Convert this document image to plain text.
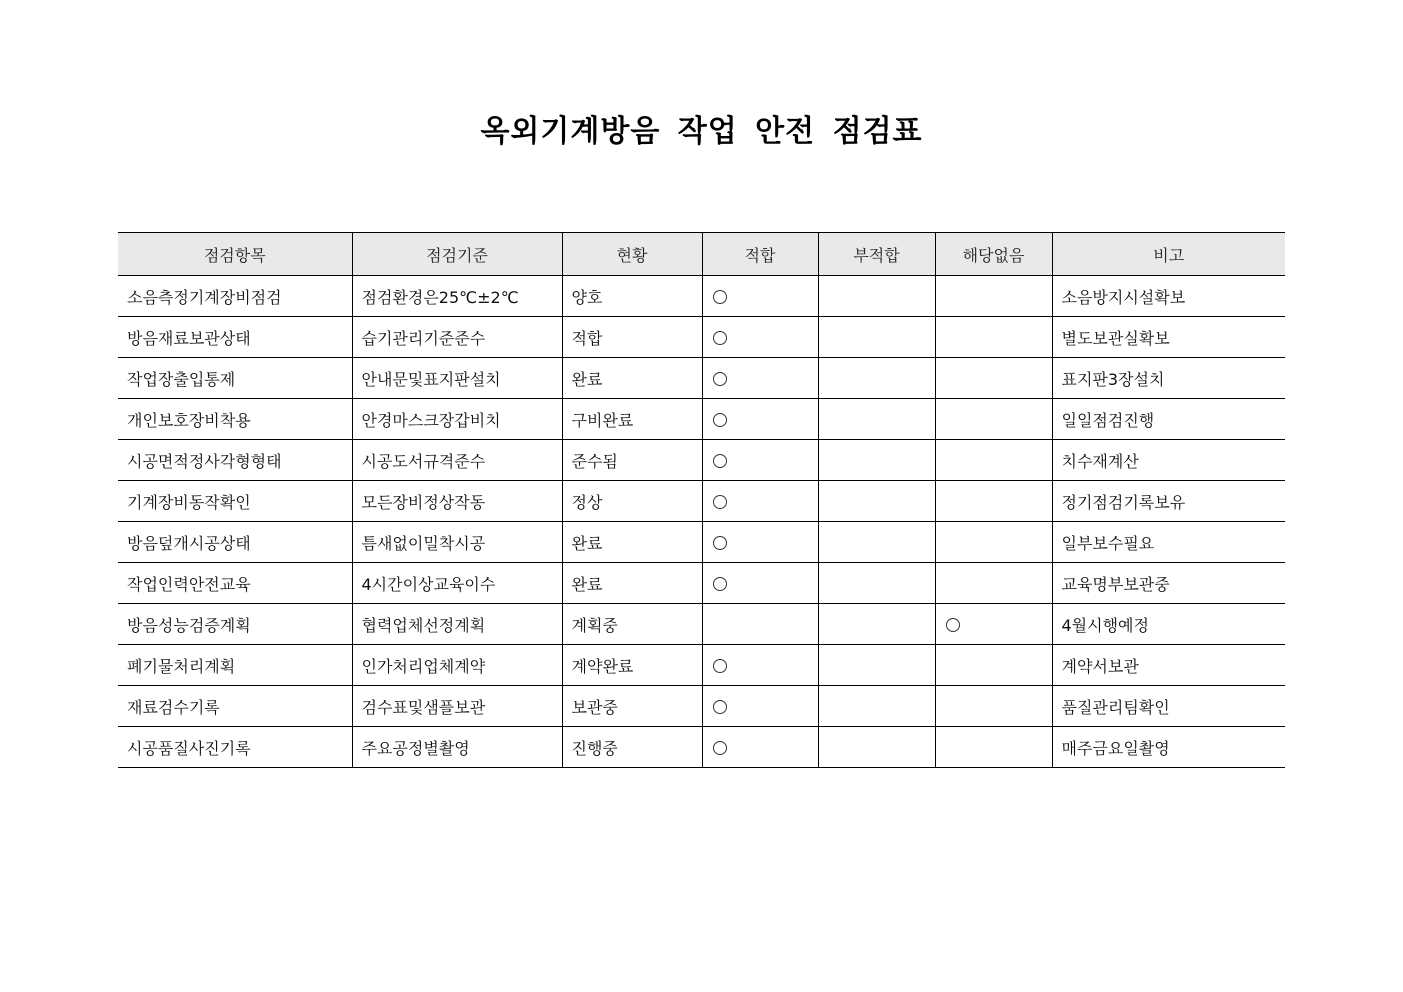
옥외기계방음 작업 안전 점검표
점검항목	점검기준	현황	적합	부적합	해당없음	비고
소음측정기계장비점검	점검환경은25℃±2℃	양호				소음방지시설확보
방음재료보관상태	습기관리기준준수	적합				별도보관실확보
작업장출입통제	안내문및표지판설치	완료				표지판3장설치
개인보호장비착용	안경마스크장갑비치	구비완료				일일점검진행
시공면적정사각형형태	시공도서규격준수	준수됨				치수재계산
기계장비동작확인	모든장비정상작동	정상				정기점검기록보유
방음덮개시공상태	틈새없이밀착시공	완료				일부보수필요
작업인력안전교육	4시간이상교육이수	완료				교육명부보관중
방음성능검증계획	협력업체선정계획	계획중				4월시행예정
폐기물처리계획	인가처리업체계약	계약완료				계약서보관
재료검수기록	검수표및샘플보관	보관중				품질관리팀확인
시공품질사진기록	주요공정별촬영	진행중				매주금요일촬영
